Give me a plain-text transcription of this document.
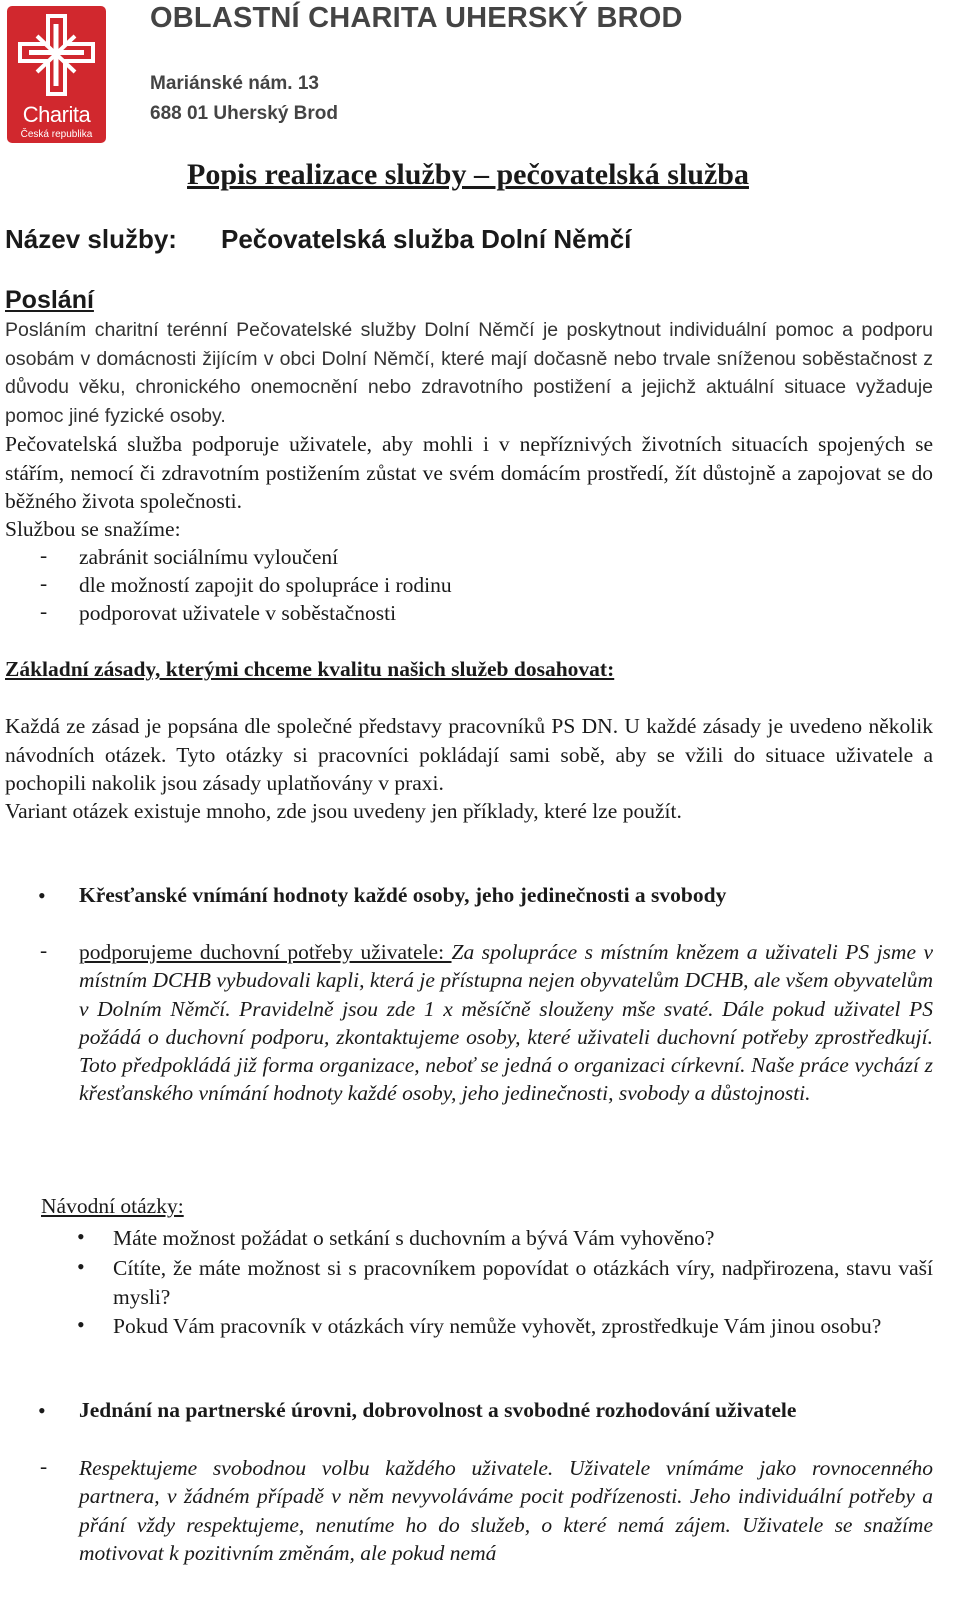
Charita
Česká republika
OBLASTNÍ CHARITA UHERSKÝ BROD
Mariánské nám. 13
688 01 Uherský Brod
Popis realizace služby – pečovatelská služba
Název služby: Pečovatelská služba Dolní Němčí
Poslání
Posláním charitní terénní Pečovatelské služby Dolní Němčí je poskytnout individuální pomoc a podporu osobám v domácnosti žijícím v obci Dolní Němčí, které mají dočasně nebo trvale sníženou soběstačnost z důvodu věku, chronického onemocnění nebo zdravotního postižení a jejichž aktuální situace vyžaduje pomoc jiné fyzické osoby.
Pečovatelská služba podporuje uživatele, aby mohli i v nepříznivých životních situacích spojených se stářím, nemocí či zdravotním postižením zůstat ve svém domácím prostředí, žít důstojně a zapojovat se do běžného života společnosti.
Službou se snažíme:
- zabránit sociálnímu vyloučení
- dle možností zapojit do spolupráce i rodinu
- podporovat uživatele v soběstačnosti
Základní zásady, kterými chceme kvalitu našich služeb dosahovat:
Každá ze zásad je popsána dle společné představy pracovníků PS DN. U každé zásady je uvedeno několik návodních otázek. Tyto otázky si pracovníci pokládají sami sobě, aby se vžili do situace uživatele a pochopili nakolik jsou zásady uplatňovány v praxi.
Variant otázek existuje mnoho, zde jsou uvedeny jen příklady, které lze použít.
• Křesťanské vnímání hodnoty každé osoby, jeho jedinečnosti a svobody
- podporujeme duchovní potřeby uživatele: Za spolupráce s místním knězem a uživateli PS jsme v místním DCHB vybudovali kapli, která je přístupna nejen obyvatelům DCHB, ale všem obyvatelům v Dolním Němčí. Pravidelně jsou zde 1 x měsíčně slouženy mše svaté. Dále pokud uživatel PS požádá o duchovní podporu, zkontaktujeme osoby, které uživateli duchovní potřeby zprostředkují. Toto předpokládá již forma organizace, neboť se jedná o organizaci církevní. Naše práce vychází z křesťanského vnímání hodnoty každé osoby, jeho jedinečnosti, svobody a důstojnosti.
Návodní otázky:
• Máte možnost požádat o setkání s duchovním a bývá Vám vyhověno?
• Cítíte, že máte možnost si s pracovníkem popovídat o otázkách víry, nadpřirozena, stavu vaší mysli?
• Pokud Vám pracovník v otázkách víry nemůže vyhovět, zprostředkuje Vám jinou osobu?
• Jednání na partnerské úrovni, dobrovolnost a svobodné rozhodování uživatele
- Respektujeme svobodnou volbu každého uživatele. Uživatele vnímáme jako rovnocenného partnera, v žádném případě v něm nevyvoláváme pocit podřízenosti. Jeho individuální potřeby a přání vždy respektujeme, nenutíme ho do služeb, o které nemá zájem. Uživatele se snažíme motivovat k pozitivním změnám, ale pokud nemá
